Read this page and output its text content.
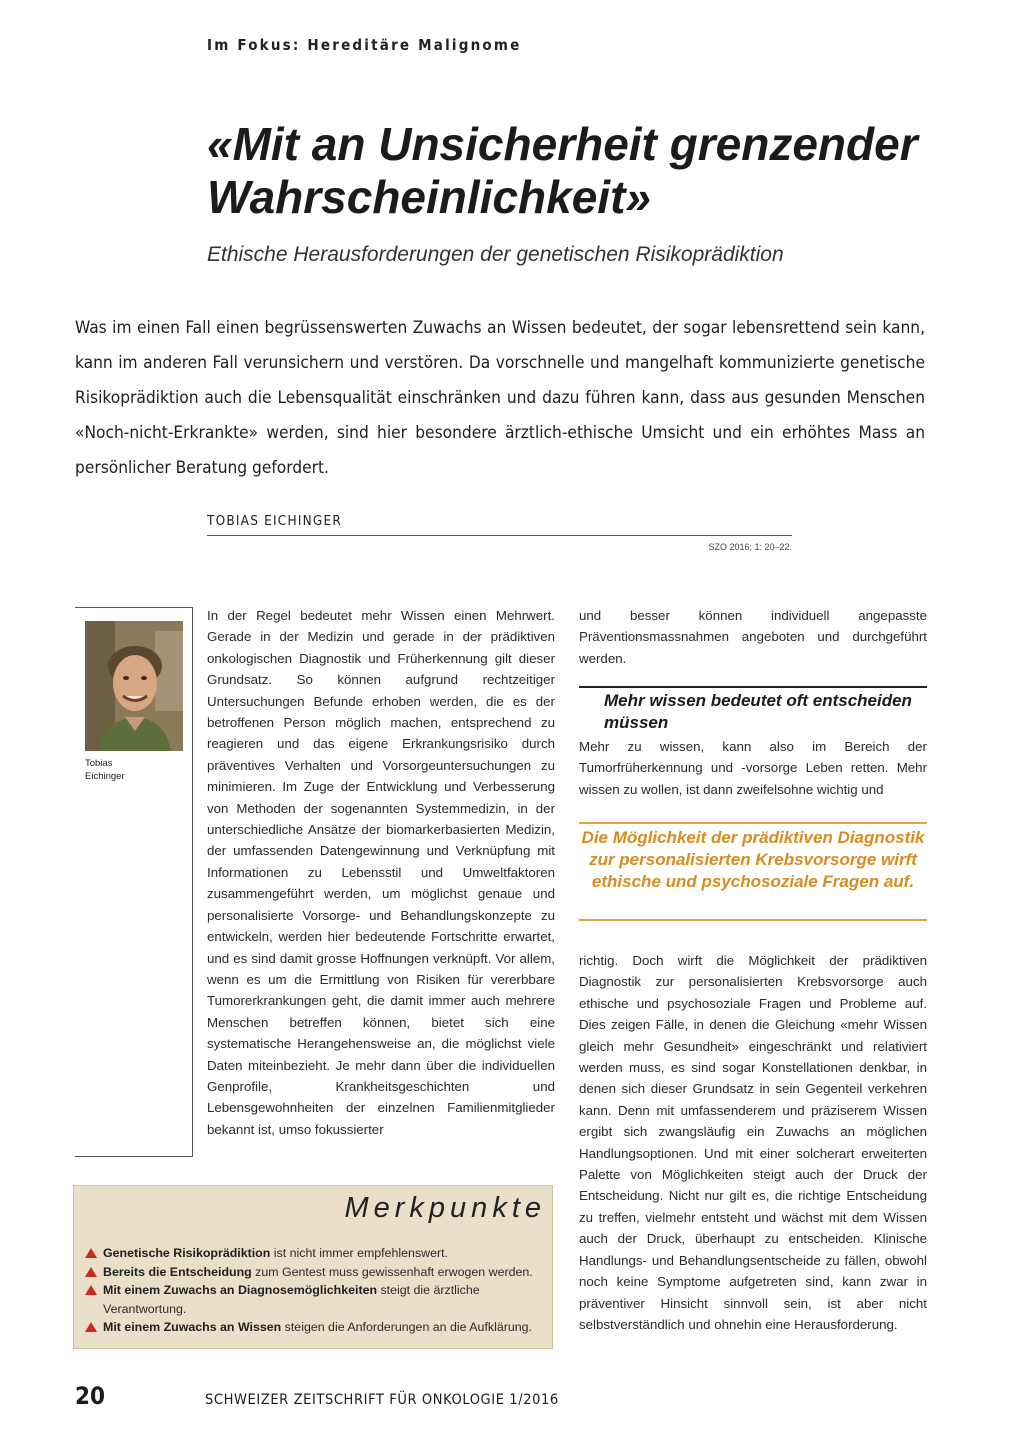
Im Fokus: Hereditäre Malignome
«Mit an Unsicherheit grenzender Wahrscheinlichkeit»
Ethische Herausforderungen der genetischen Risikoprädiktion

Was im einen Fall einen begrüssenswerten Zuwachs an Wissen bedeutet, der sogar lebensrettend sein kann, kann im anderen Fall verunsichern und verstören. Da vorschnelle und mangelhaft kommunizierte genetische Risikoprädiktion auch die Lebensqualität einschränken und dazu führen kann, dass aus gesunden Menschen «Noch-nicht-Erkrankte» werden, sind hier besondere ärztlich-ethische Umsicht und ein erhöhtes Mass an persönlicher Beratung gefordert.

TOBIAS EICHINGER
SZO 2016; 1: 20–22.
Tobias Eichinger

In der Regel bedeutet mehr Wissen einen Mehrwert. Gerade in der Medizin und gerade in der prädiktiven onkologischen Diagnostik und Früherkennung gilt dieser Grundsatz. So können aufgrund rechtzeitiger Untersuchungen Befunde erhoben werden, die es der betroffenen Person möglich machen, entsprechend zu reagieren und das eigene Erkrankungsrisiko durch präventives Verhalten und Vorsorgeuntersuchungen zu minimieren. Im Zuge der Entwicklung und Verbesserung von Methoden der sogenannten Systemmedizin, in der unterschiedliche Ansätze der biomarkerbasierten Medizin, der umfassenden Datengewinnung und Verknüpfung mit Informationen zu Lebensstil und Umweltfaktoren zusammengeführt werden, um möglichst genaue und personalisierte Vorsorge- und Behandlungskonzepte zu entwickeln, werden hier bedeutende Fortschritte erwartet, und es sind damit grosse Hoffnungen verknüpft. Vor allem, wenn es um die Ermittlung von Risiken für vererbbare Tumorerkrankungen geht, die damit immer auch mehrere Menschen betreffen können, bietet sich eine systematische Herangehensweise an, die möglichst viele Daten miteinbezieht. Je mehr dann über die individuellen Genprofile, Krankheitsgeschichten und Lebensgewohnheiten der einzelnen Familienmitglieder bekannt ist, umso fokussierter

und besser können individuell angepasste Präventionsmassnahmen angeboten und durchgeführt werden.

Mehr wissen bedeutet oft entscheiden müssen

Mehr zu wissen, kann also im Bereich der Tumorfrüherkennung und -vorsorge Leben retten. Mehr wissen zu wollen, ist dann zweifelsohne wichtig und

Die Möglichkeit der prädiktiven Diagnostik zur personalisierten Krebsvorsorge wirft ethische und psychosoziale Fragen auf.

richtig. Doch wirft die Möglichkeit der prädiktiven Diagnostik zur personalisierten Krebsvorsorge auch ethische und psychosoziale Fragen und Probleme auf. Dies zeigen Fälle, in denen die Gleichung «mehr Wissen gleich mehr Gesundheit» eingeschränkt und relativiert werden muss, es sind sogar Konstellationen denkbar, in denen sich dieser Grundsatz in sein Gegenteil verkehren kann. Denn mit umfassenderem und präziserem Wissen ergibt sich zwangsläufig ein Zuwachs an möglichen Handlungsoptionen. Und mit einer solcherart erweiterten Palette von Möglichkeiten steigt auch der Druck der Entscheidung. Nicht nur gilt es, die richtige Entscheidung zu treffen, vielmehr entsteht und wächst mit dem Wissen auch der Druck, überhaupt zu entscheiden. Klinische Handlungs- und Behandlungsentscheide zu fällen, obwohl noch keine Symptome aufgetreten sind, kann zwar in präventiver Hinsicht sinnvoll sein, ist aber nicht selbstverständlich und ohnehin eine Herausforderung.

Merkpunkte
Genetische Risikoprädiktion ist nicht immer empfehlenswert.
Bereits die Entscheidung zum Gentest muss gewissenhaft erwogen werden.
Mit einem Zuwachs an Diagnosemöglichkeiten steigt die ärztliche Verantwortung.
Mit einem Zuwachs an Wissen steigen die Anforderungen an die Aufklärung.
20	SCHWEIZER ZEITSCHRIFT FÜR ONKOLOGIE 1/2016
